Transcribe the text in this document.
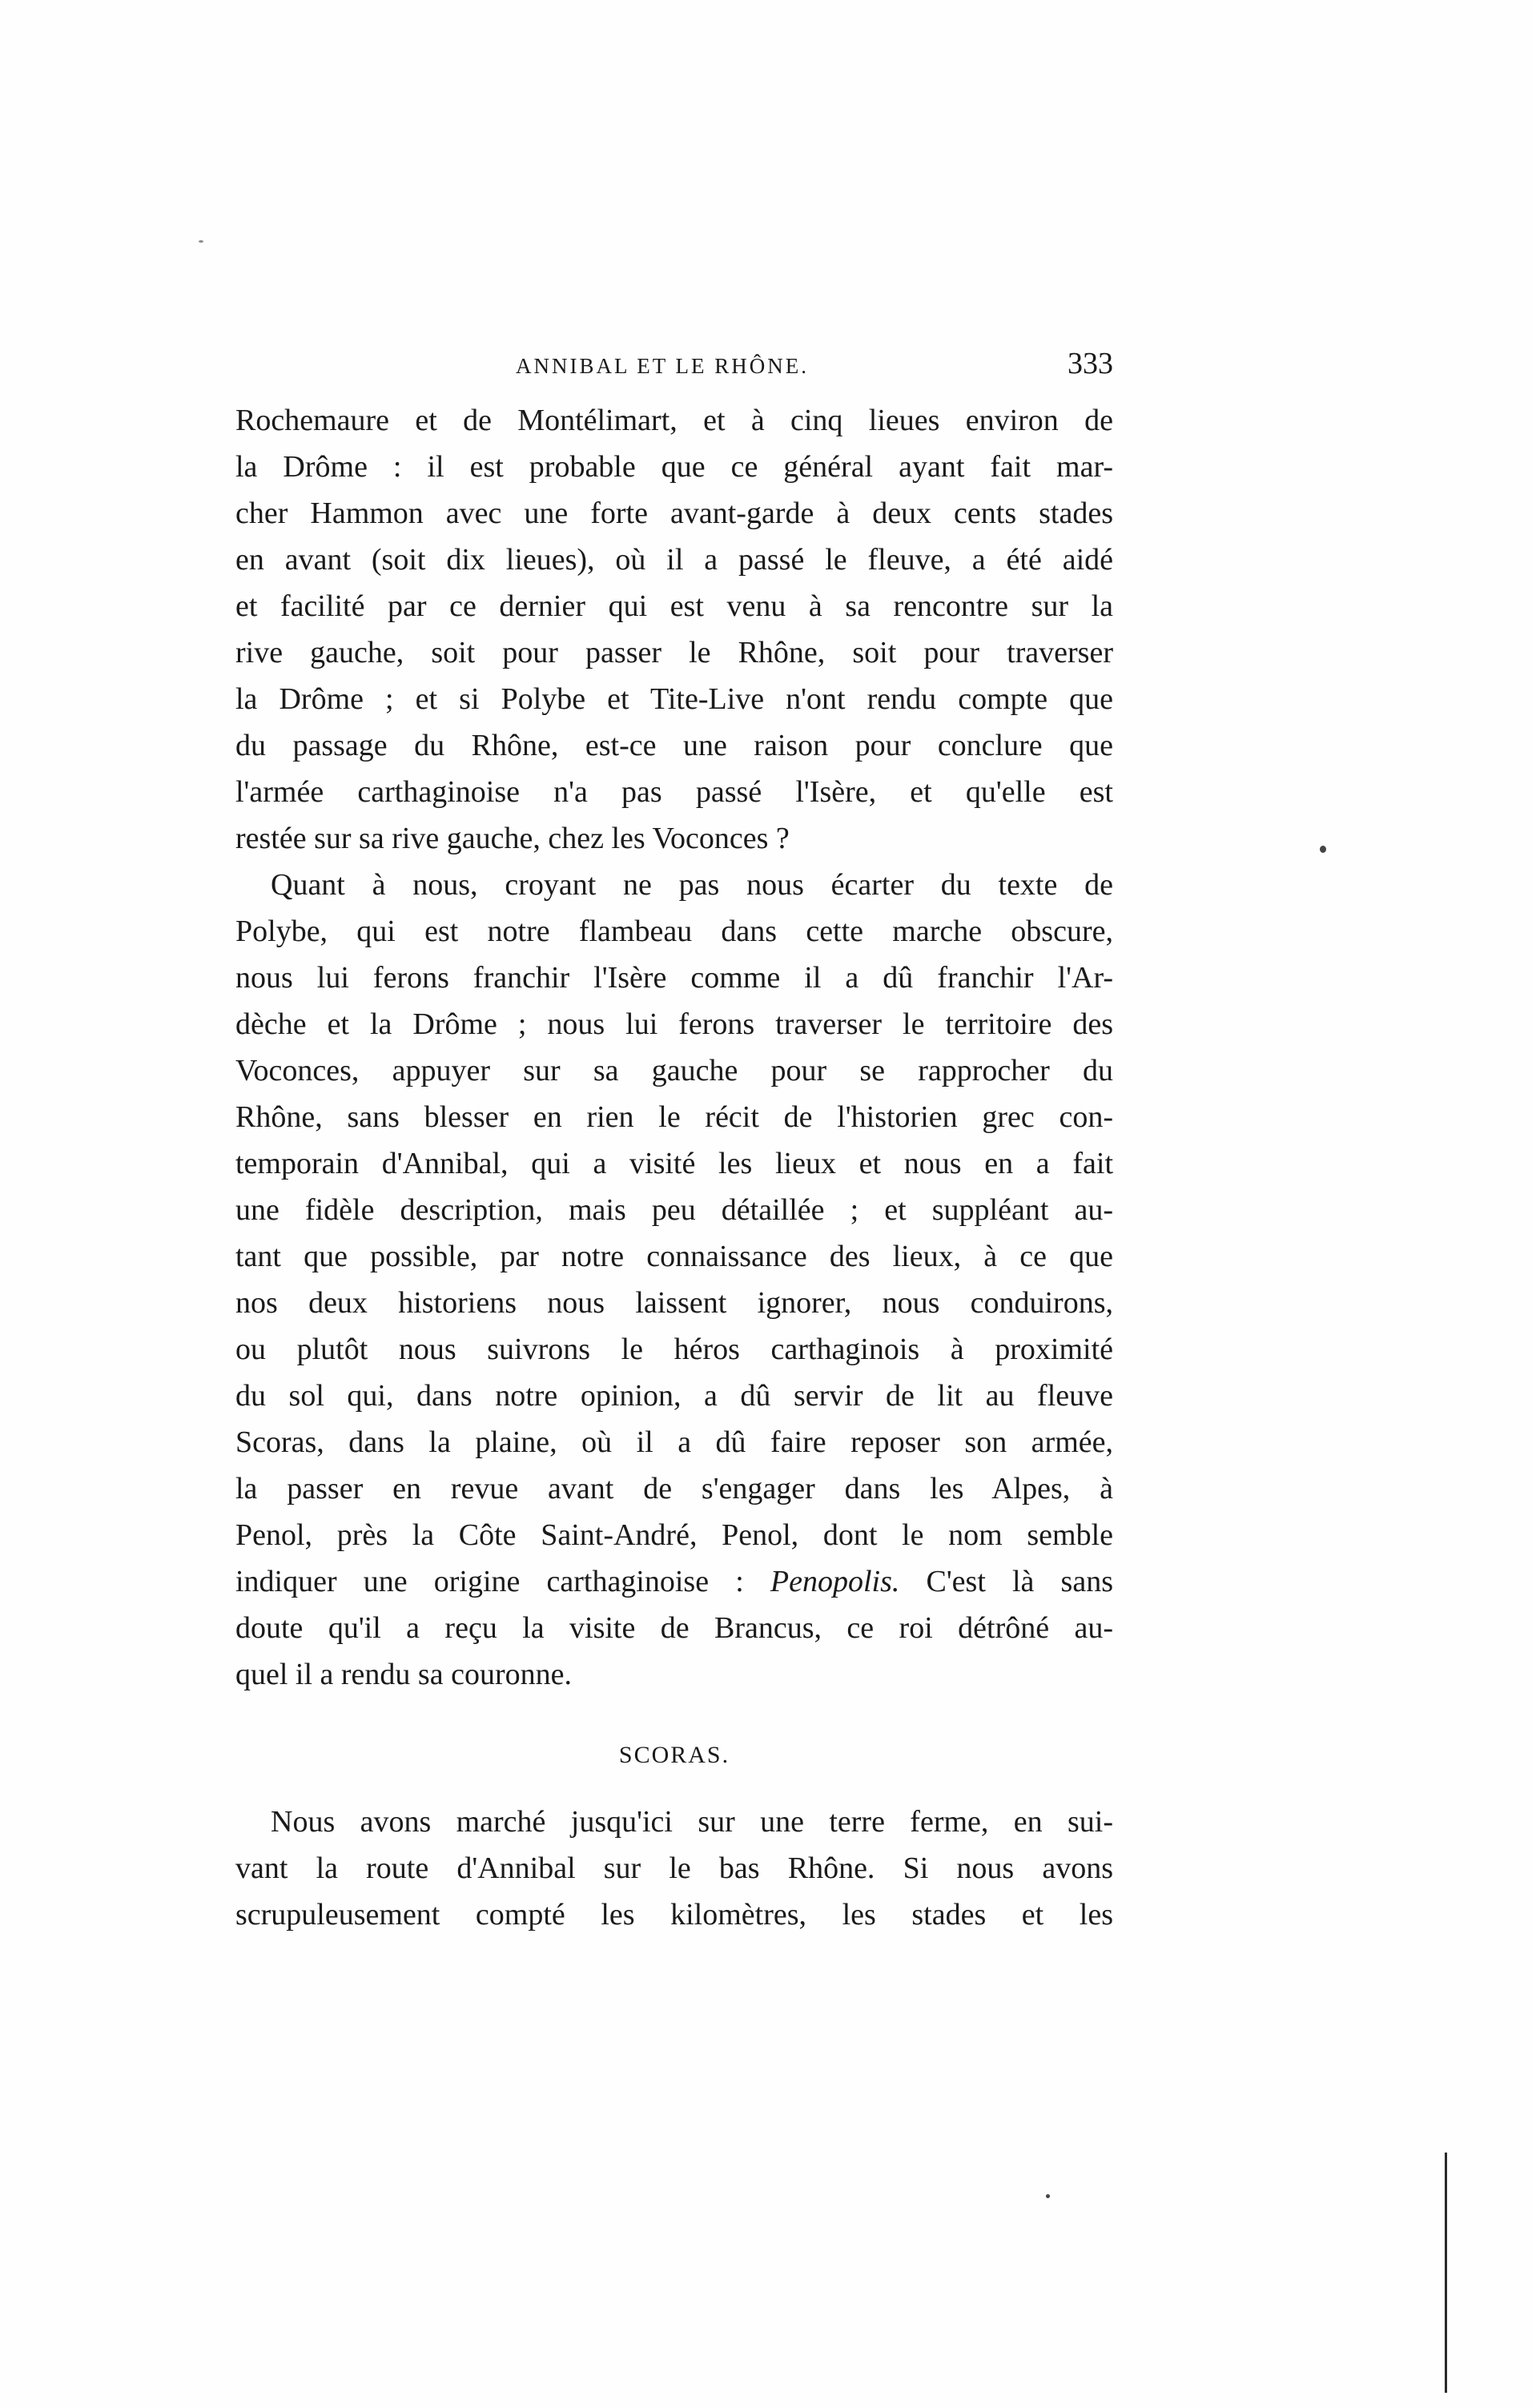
ANNIBAL ET LE RHÔNE.	333
Rochemaure et de Montélimart, et à cinq lieues environ de
la Drôme : il est probable que ce général ayant fait mar-
cher Hammon avec une forte avant-garde à deux cents stades
en avant (soit dix lieues), où il a passé le fleuve, a été aidé
et facilité par ce dernier qui est venu à sa rencontre sur la
rive gauche, soit pour passer le Rhône, soit pour traverser
la Drôme ; et si Polybe et Tite-Live n'ont rendu compte que
du passage du Rhône, est-ce une raison pour conclure que
l'armée carthaginoise n'a pas passé l'Isère, et qu'elle est
restée sur sa rive gauche, chez les Voconces ?
Quant à nous, croyant ne pas nous écarter du texte de
Polybe, qui est notre flambeau dans cette marche obscure,
nous lui ferons franchir l'Isère comme il a dû franchir l'Ar-
dèche et la Drôme ; nous lui ferons traverser le territoire des
Voconces, appuyer sur sa gauche pour se rapprocher du
Rhône, sans blesser en rien le récit de l'historien grec con-
temporain d'Annibal, qui a visité les lieux et nous en a fait
une fidèle description, mais peu détaillée ; et suppléant au-
tant que possible, par notre connaissance des lieux, à ce que
nos deux historiens nous laissent ignorer, nous conduirons,
ou plutôt nous suivrons le héros carthaginois à proximité
du sol qui, dans notre opinion, a dû servir de lit au fleuve
Scoras, dans la plaine, où il a dû faire reposer son armée,
la passer en revue avant de s'engager dans les Alpes, à
Penol, près la Côte Saint-André, Penol, dont le nom semble
indiquer une origine carthaginoise : Penopolis. C'est là sans
doute qu'il a reçu la visite de Brancus, ce roi détrôné au-
quel il a rendu sa couronne.
SCORAS.
Nous avons marché jusqu'ici sur une terre ferme, en sui-
vant la route d'Annibal sur le bas Rhône. Si nous avons
scrupuleusement compté les kilomètres, les stades et les
